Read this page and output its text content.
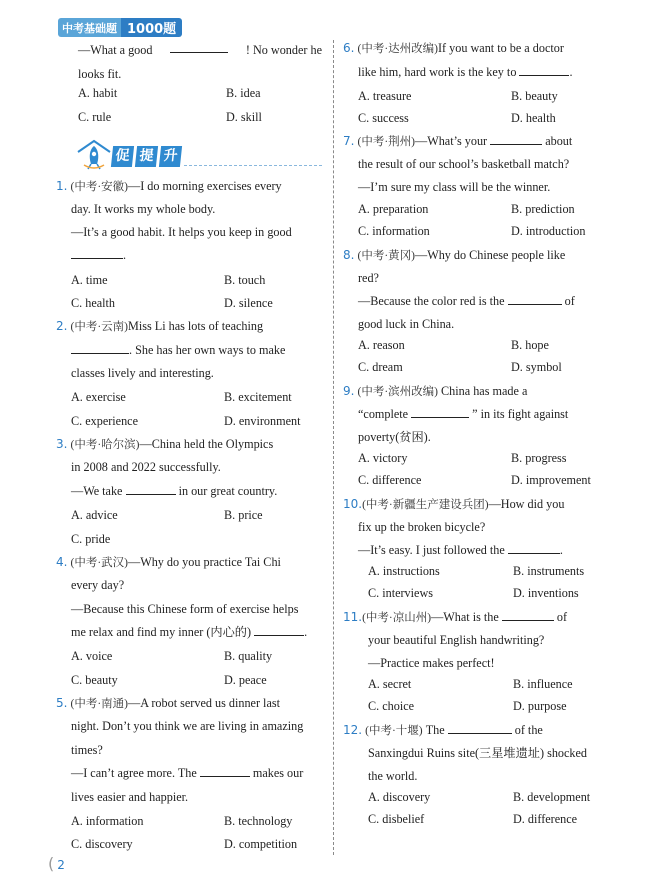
中考基础题 1000题
—What a good	! No wonder he
looks fit.
A. habit	B. idea
C. rule	D. skill
促 提 升
1. (中考·安徽)—I do morning exercises every
day. It works my whole body.
—It’s a good habit. It helps you keep in good
.
A. time	B. touch
C. health	D. silence
2. (中考·云南)Miss Li has lots of teaching
. She has her own ways to make
classes lively and interesting.
A. exercise	B. excitement
C. experience	D. environment
3. (中考·哈尔滨)—China held the Olympics
in 2008 and 2022 successfully.
—We take	in our great country.
A. advice	B. price
C. pride
4. (中考·武汉)—Why do you practice Tai Chi
every day?
—Because this Chinese form of exercise helps
me relax and find my inner (内心的)	.
A. voice	B. quality
C. beauty	D. peace
5. (中考·南通)—A robot served us dinner last
night. Don’t you think we are living in amazing
times?
—I can’t agree more. The	makes our
lives easier and happier.
A. information	B. technology
C. discovery	D. competition
6. (中考·达州改编)If you want to be a doctor
like him, hard work is the key to	.
A. treasure	B. beauty
C. success	D. health
7. (中考·荆州)—What’s your	about
the result of our school’s basketball match?
—I’m sure my class will be the winner.
A. preparation	B. prediction
C. information	D. introduction
8. (中考·黄冈)—Why do Chinese people like
red?
—Because the color red is the	of
good luck in China.
A. reason	B. hope
C. dream	D. symbol
9. (中考·滨州改编) China has made a
“complete	” in its fight against
poverty(贫困).
A. victory	B. progress
C. difference	D. improvement
10.(中考·新疆生产建设兵团)—How did you
fix up the broken bicycle?
—It’s easy. I just followed the	.
A. instructions	B. instruments
C. interviews	D. inventions
11.(中考·凉山州)—What is the	of
your beautiful English handwriting?
—Practice makes perfect!
A. secret	B. influence
C. choice	D. purpose
12. (中考·十堰) The	of the
Sanxingdui Ruins site(三星堆遗址) shocked
the world.
A. discovery	B. development
C. disbelief	D. difference
( 2
